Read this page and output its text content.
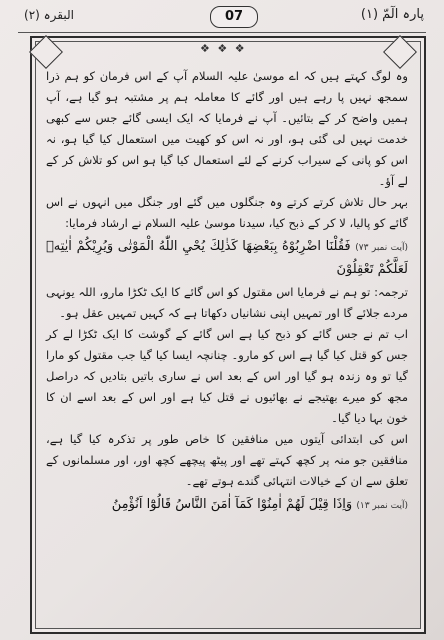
البقرہ (۲)	07	پارہ الٓمّ (۱)
❖ ❖ ❖

وہ لوگ کہتے ہیں کہ اے موسیٰ علیہ السلام آپ کے اس فرمان کو ہم ذرا سمجھ نہیں پا رہے ہیں اور گائے کا معاملہ ہم پر مشتبہ ہو گیا ہے، آپ ہمیں واضح کر کے بتائیں۔ آپ نے فرمایا کہ ایک ایسی گائے جس سے کبھی خدمت نہیں لی گئی ہو، اور نہ اس کو کھیت میں استعمال کیا گیا ہو، نہ اس کو پانی کے سیراب کرنے کے لئے استعمال کیا گیا ہو اس کو تلاش کر کے لے آؤ۔

بہر حال تلاش کرتے کرتے وہ جنگلوں میں گئے اور جنگل میں انہوں نے اس گائے کو پالیا، لا کر کے ذبح کیا، سیدنا موسیٰ علیہ السلام نے ارشاد فرمایا:

(آیت نمبر ۷۳) فَقُلْنَا اضْرِبُوْهُ بِبَعْضِهَا كَذٰلِكَ يُحْيِ اللّٰهُ الْمَوْتٰى وَيُرِيْكُمْ اٰيٰتِهٖ لَعَلَّكُمْ تَعْقِلُوْنَ

ترجمہ: تو ہم نے فرمایا اس مقتول کو اس گائے کا ایک ٹکڑا مارو، اللہ یونہی مردے جلائے گا اور تمہیں اپنی نشانیاں دکھاتا ہے کہ کہیں تمہیں عقل ہو۔

اب تم نے جس گائے کو ذبح کیا ہے اس گائے کے گوشت کا ایک ٹکڑا لے کر جس کو قتل کیا گیا ہے اس کو مارو۔ چنانچہ ایسا کیا گیا جب مقتول کو مارا گیا تو وہ زندہ ہو گیا اور اس کے بعد اس نے ساری باتیں بتادیں کہ دراصل مجھ کو میرے بھتیجے نے بھائیوں نے قتل کیا ہے اور اس کے بعد اسے ان کا خون بہا دیا گیا۔

اس کی ابتدائی آیتوں میں منافقین کا خاص طور پر تذکرہ کیا گیا ہے، منافقین جو منہ پر کچھ کہتے تھے اور پیٹھ پیچھے کچھ اور، اور مسلمانوں کے تعلق سے ان کے خیالات انتہائی گندے ہوتے تھے۔

(آیت نمبر ۱۳) وَاِذَا قِيْلَ لَهُمْ اٰمِنُوْا كَمَآ اٰمَنَ النَّاسُ قَالُوْٓا اَنُؤْمِنُ
